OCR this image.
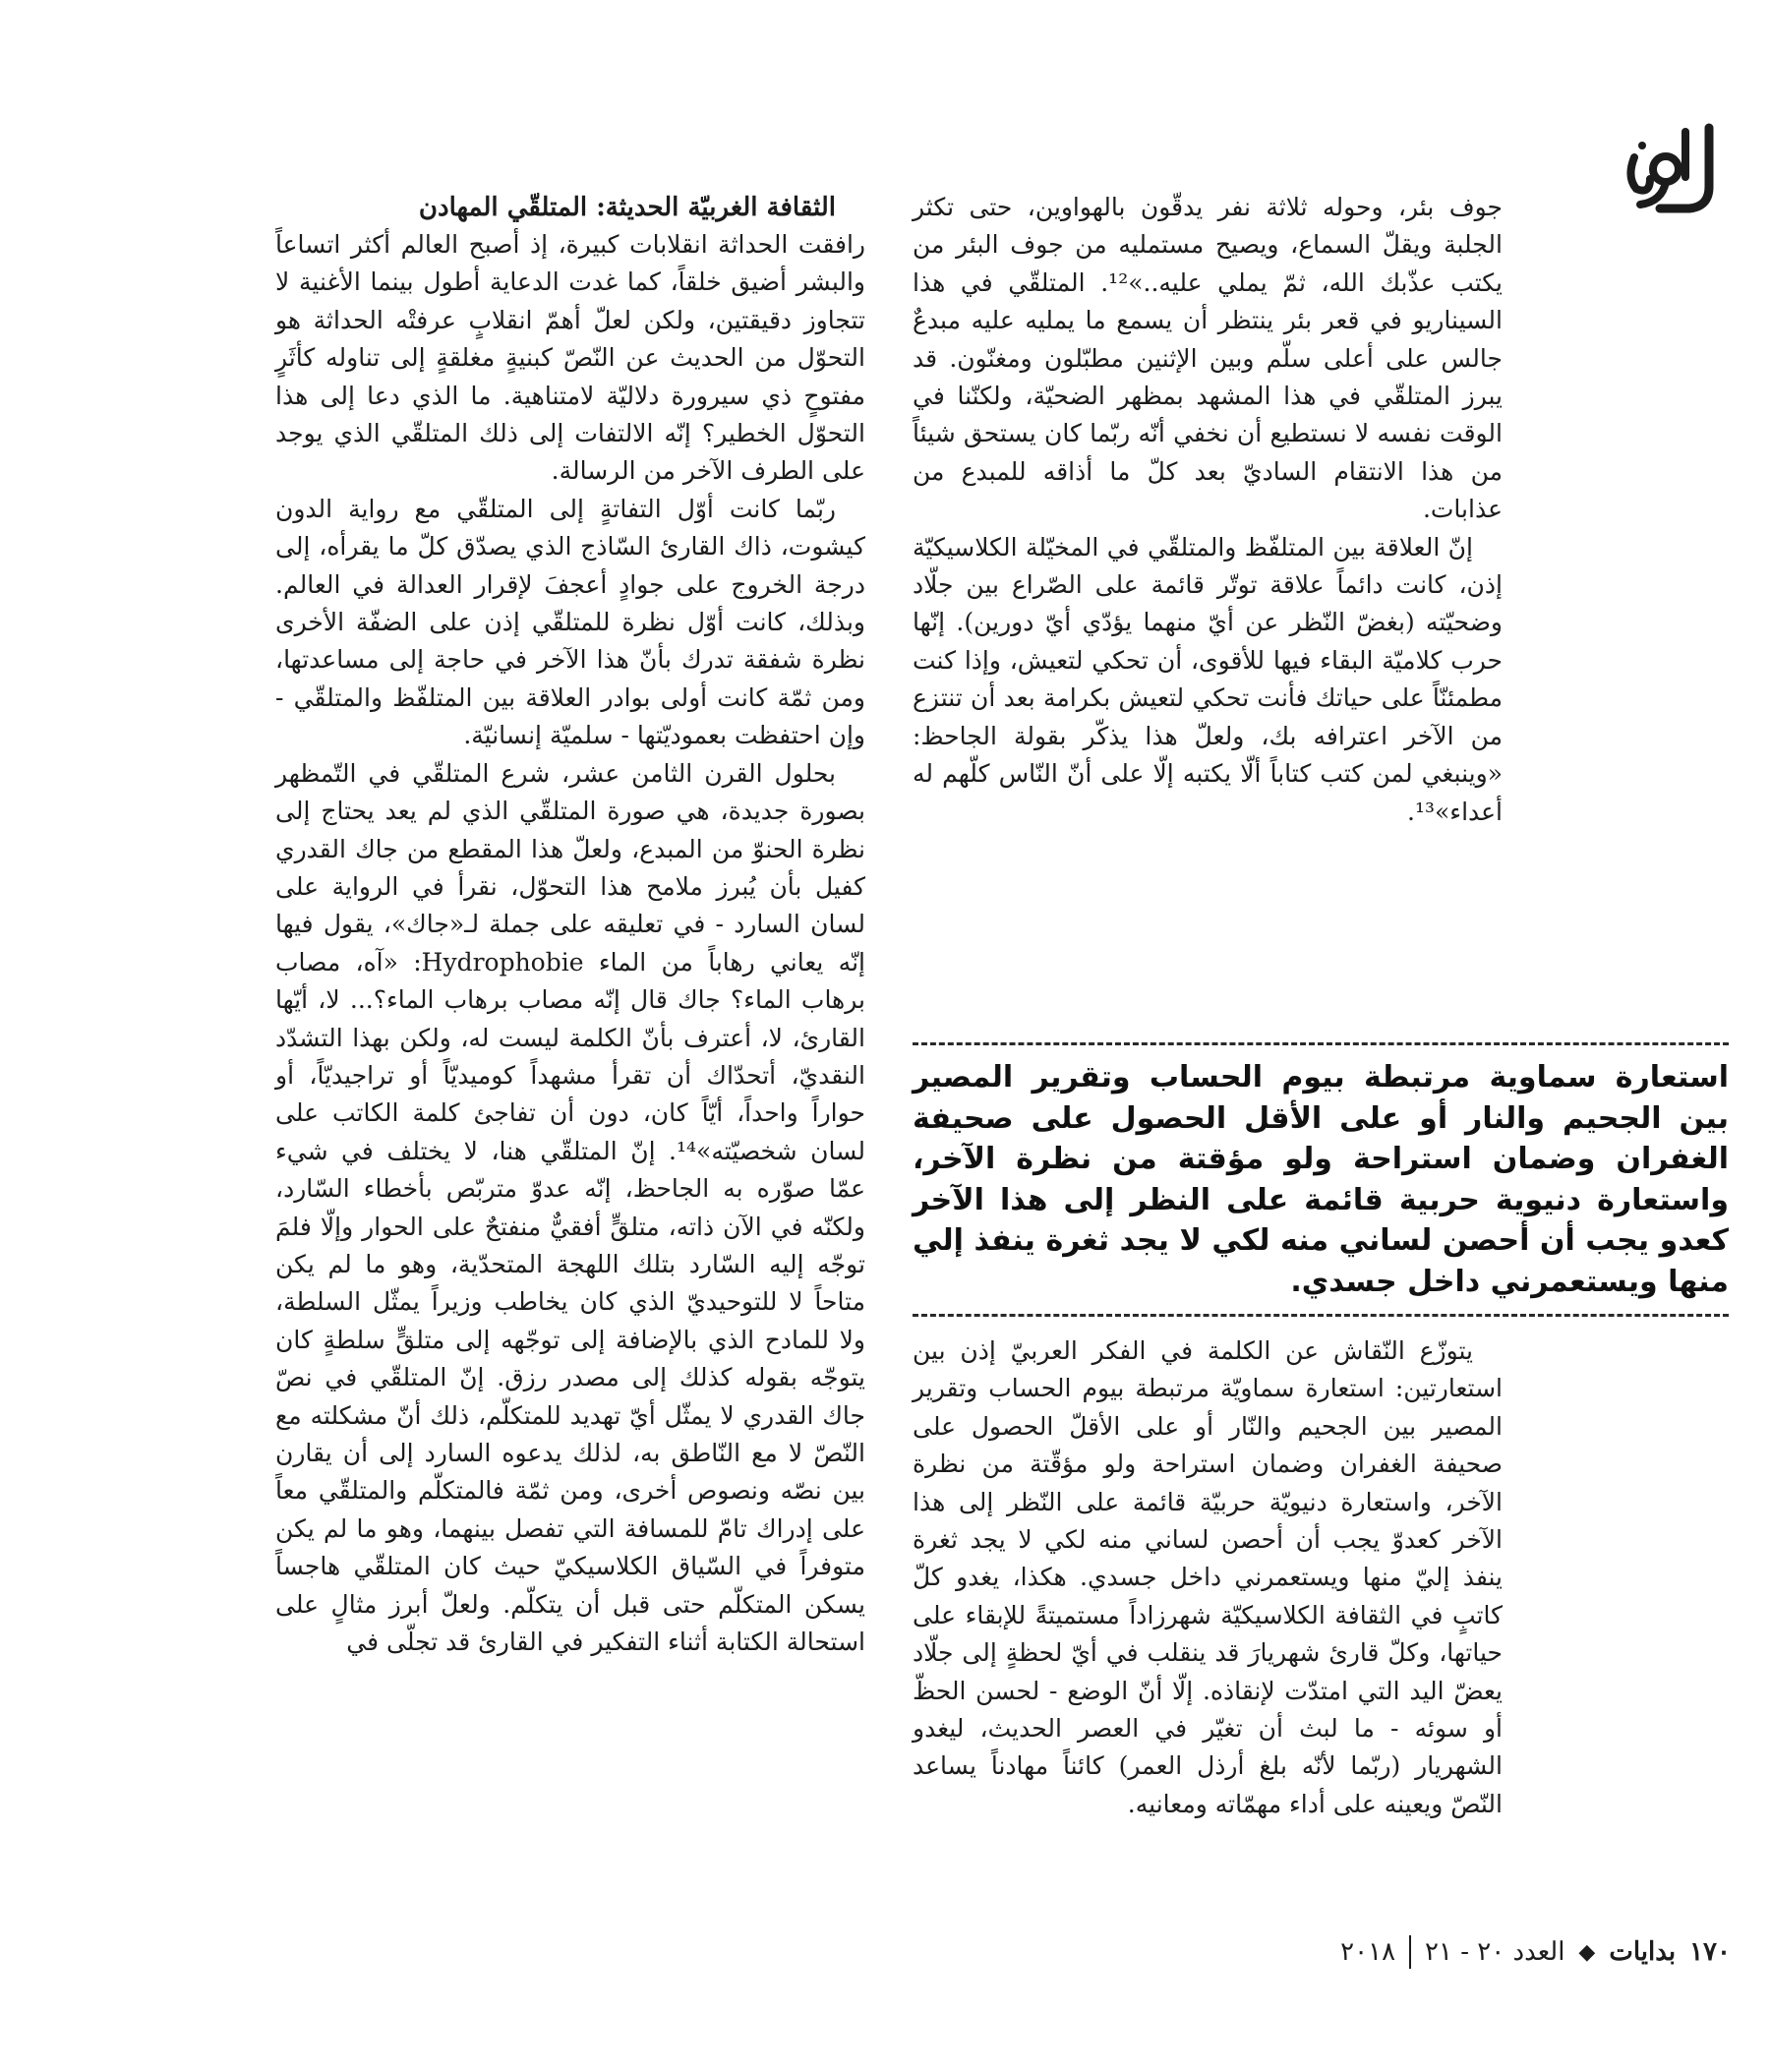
جوف بئر، وحوله ثلاثة نفر يدقّون بالهواوين، حتى تكثر الجلبة ويقلّ السماع، ويصيح مستمليه من جوف البئر من يكتب عذّبك الله، ثمّ يملي عليه..»¹². المتلقّي في هذا السيناريو في قعر بئر ينتظر أن يسمع ما يمليه عليه مبدعٌ جالس على أعلى سلّم وبين الإثنين مطبّلون ومغنّون. قد يبرز المتلقّي في هذا المشهد بمظهر الضحيّة، ولكنّنا في الوقت نفسه لا نستطيع أن نخفي أنّه ربّما كان يستحق شيئاً من هذا الانتقام الساديّ بعد كلّ ما أذاقه للمبدع من عذابات.

إنّ العلاقة بين المتلفّظ والمتلقّي في المخيّلة الكلاسيكيّة إذن، كانت دائماً علاقة توتّر قائمة على الصّراع بين جلّاد وضحيّته (بغضّ النّظر عن أيّ منهما يؤدّي أيّ دورين). إنّها حرب كلاميّة البقاء فيها للأقوى، أن تحكي لتعيش، وإذا كنت مطمئنّاً على حياتك فأنت تحكي لتعيش بكرامة بعد أن تنتزع من الآخر اعترافه بك، ولعلّ هذا يذكّر بقولة الجاحظ: «وينبغي لمن كتب كتاباً ألّا يكتبه إلّا على أنّ النّاس كلّهم له أعداء»¹³.

استعارة سماوية مرتبطة بيوم الحساب وتقرير المصير بين الجحيم والنار أو على الأقل الحصول على صحيفة الغفران وضمان استراحة ولو مؤقتة من نظرة الآخر، واستعارة دنيوية حربية قائمة على النظر إلى هذا الآخر كعدو يجب أن أحصن لساني منه لكي لا يجد ثغرة ينفذ إلي منها ويستعمرني داخل جسدي.

يتوزّع النّقاش عن الكلمة في الفكر العربيّ إذن بين استعارتين: استعارة سماويّة مرتبطة بيوم الحساب وتقرير المصير بين الجحيم والنّار أو على الأقلّ الحصول على صحيفة الغفران وضمان استراحة ولو مؤقّتة من نظرة الآخر، واستعارة دنيويّة حربيّة قائمة على النّظر إلى هذا الآخر كعدوّ يجب أن أحصن لساني منه لكي لا يجد ثغرة ينفذ إليّ منها ويستعمرني داخل جسدي. هكذا، يغدو كلّ كاتبٍ في الثقافة الكلاسيكيّة شهرزاداً مستميتةً للإبقاء على حياتها، وكلّ قارئ شهريارَ قد ينقلب في أيّ لحظةٍ إلى جلّاد يعضّ اليد التي امتدّت لإنقاذه. إلّا أنّ الوضع - لحسن الحظّ أو سوئه - ما لبث أن تغيّر في العصر الحديث، ليغدو الشهريار (ربّما لأنّه بلغ أرذل العمر) كائناً مهادناً يساعد النّصّ ويعينه على أداء مهمّاته ومعانيه.

الثقافة الغربيّة الحديثة: المتلقّي المهادن

رافقت الحداثة انقلابات كبيرة، إذ أصبح العالم أكثر اتساعاً والبشر أضيق خلقاً، كما غدت الدعاية أطول بينما الأغنية لا تتجاوز دقيقتين، ولكن لعلّ أهمّ انقلابٍ عرفتْه الحداثة هو التحوّل من الحديث عن النّصّ كبنيةٍ مغلقةٍ إلى تناوله كأثَرٍ مفتوحٍ ذي سيرورة دلاليّة لامتناهية. ما الذي دعا إلى هذا التحوّل الخطير؟ إنّه الالتفات إلى ذلك المتلقّي الذي يوجد على الطرف الآخر من الرسالة.

ربّما كانت أوّل التفاتةٍ إلى المتلقّي مع رواية الدون كيشوت، ذاك القارئ السّاذج الذي يصدّق كلّ ما يقرأه، إلى درجة الخروج على جوادٍ أعجفَ لإقرار العدالة في العالم. وبذلك، كانت أوّل نظرة للمتلقّي إذن على الضفّة الأخرى نظرة شفقة تدرك بأنّ هذا الآخر في حاجة إلى مساعدتها، ومن ثمّة كانت أولى بوادر العلاقة بين المتلفّظ والمتلقّي - وإن احتفظت بعموديّتها - سلميّة إنسانيّة.

بحلول القرن الثامن عشر، شرع المتلقّي في التّمظهر بصورة جديدة، هي صورة المتلقّي الذي لم يعد يحتاج إلى نظرة الحنوّ من المبدع، ولعلّ هذا المقطع من جاك القدري كفيل بأن يُبرز ملامح هذا التحوّل، نقرأ في الرواية على لسان السارد - في تعليقه على جملة لـ«جاك»، يقول فيها إنّه يعاني رهاباً من الماء Hydrophobie: «آه، مصاب برهاب الماء؟ جاك قال إنّه مصاب برهاب الماء؟... لا، أيّها القارئ، لا، أعترف بأنّ الكلمة ليست له، ولكن بهذا التشدّد النقديّ، أتحدّاك أن تقرأ مشهداً كوميديّاً أو تراجيديّاً، أو حواراً واحداً، أيّاً كان، دون أن تفاجئ كلمة الكاتب على لسان شخصيّته»¹⁴. إنّ المتلقّي هنا، لا يختلف في شيء عمّا صوّره به الجاحظ، إنّه عدوّ متربّص بأخطاء السّارد، ولكنّه في الآن ذاته، متلقٍّ أفقيٌّ منفتحٌ على الحوار وإلّا فلمَ توجّه إليه السّارد بتلك اللهجة المتحدّية، وهو ما لم يكن متاحاً لا للتوحيديّ الذي كان يخاطب وزيراً يمثّل السلطة، ولا للمادح الذي بالإضافة إلى توجّهه إلى متلقٍّ سلطةٍ كان يتوجّه بقوله كذلك إلى مصدر رزق. إنّ المتلقّي في نصّ جاك القدري لا يمثّل أيّ تهديد للمتكلّم، ذلك أنّ مشكلته مع النّصّ لا مع النّاطق به، لذلك يدعوه السارد إلى أن يقارن بين نصّه ونصوص أخرى، ومن ثمّة فالمتكلّم والمتلقّي معاً على إدراك تامّ للمسافة التي تفصل بينهما، وهو ما لم يكن متوفراً في السّياق الكلاسيكيّ حيث كان المتلقّي هاجساً يسكن المتكلّم حتى قبل أن يتكلّم. ولعلّ أبرز مثالٍ على استحالة الكتابة أثناء التفكير في القارئ قد تجلّى في

١٧٠
بدايات
◆
العدد ٢٠ - ٢١
٢٠١٨
